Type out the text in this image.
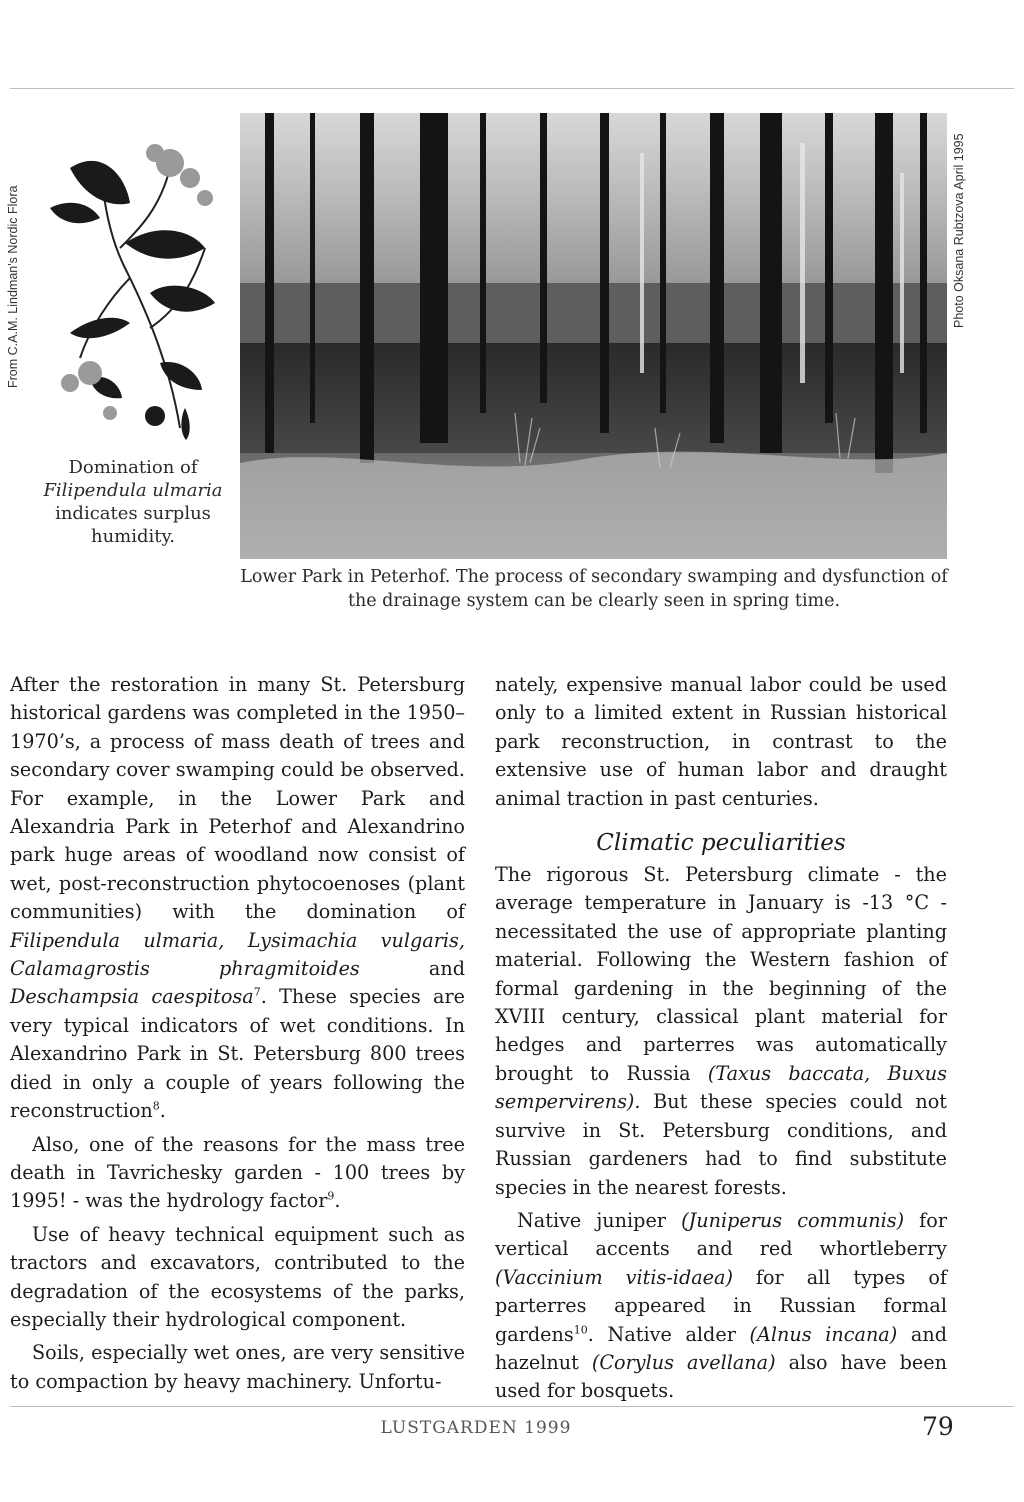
From C.A.M. Lindman's Nordic Flora	Photo Oksana Rubtzova April 1995
Domination of
Filipendula ulmaria
indicates surplus
humidity.
Lower Park in Peterhof. The process of secondary swamping and dysfunction of the drainage system can be clearly seen in spring time.

After the restoration in many St. Petersburg historical gardens was completed in the 1950–1970’s, a process of mass death of trees and secondary cover swamping could be observed. For example, in the Lower Park and Alexandria Park in Peterhof and Alexandrino park huge areas of woodland now consist of wet, post-reconstruction phytocoenoses (plant communities) with the domination of Filipendula ulmaria, Lysimachia vulgaris, Calamagrostis phragmitoides and Deschampsia caespitosa$^7$. These species are very typical indicators of wet conditions. In Alexandrino Park in St. Petersburg 800 trees died in only a couple of years following the reconstruction$^8$.

Also, one of the reasons for the mass tree death in Tavrichesky garden - 100 trees by 1995! - was the hydrology factor$^9$.

Use of heavy technical equipment such as tractors and excavators, contributed to the degradation of the ecosystems of the parks, especially their hydrological component.

Soils, especially wet ones, are very sensitive to compaction by heavy machinery. Unfortu-

nately, expensive manual labor could be used only to a limited extent in Russian historical park reconstruction, in contrast to the extensive use of human labor and draught animal traction in past centuries.

Climatic peculiarities

The rigorous St. Petersburg climate - the average temperature in January is -13 °C - necessitated the use of appropriate planting material. Following the Western fashion of formal gardening in the beginning of the XVIII century, classical plant material for hedges and parterres was automatically brought to Russia (Taxus baccata, Buxus sempervirens). But these species could not survive in St. Petersburg conditions, and Russian gardeners had to find substitute species in the nearest forests.

Native juniper (Juniperus communis) for vertical accents and red whortleberry (Vaccinium vitis-idaea) for all types of parterres appeared in Russian formal gardens$^{10}$. Native alder (Alnus incana) and hazelnut (Corylus avellana) also have been used for bosquets.

LUSTGARDEN 1999	79
